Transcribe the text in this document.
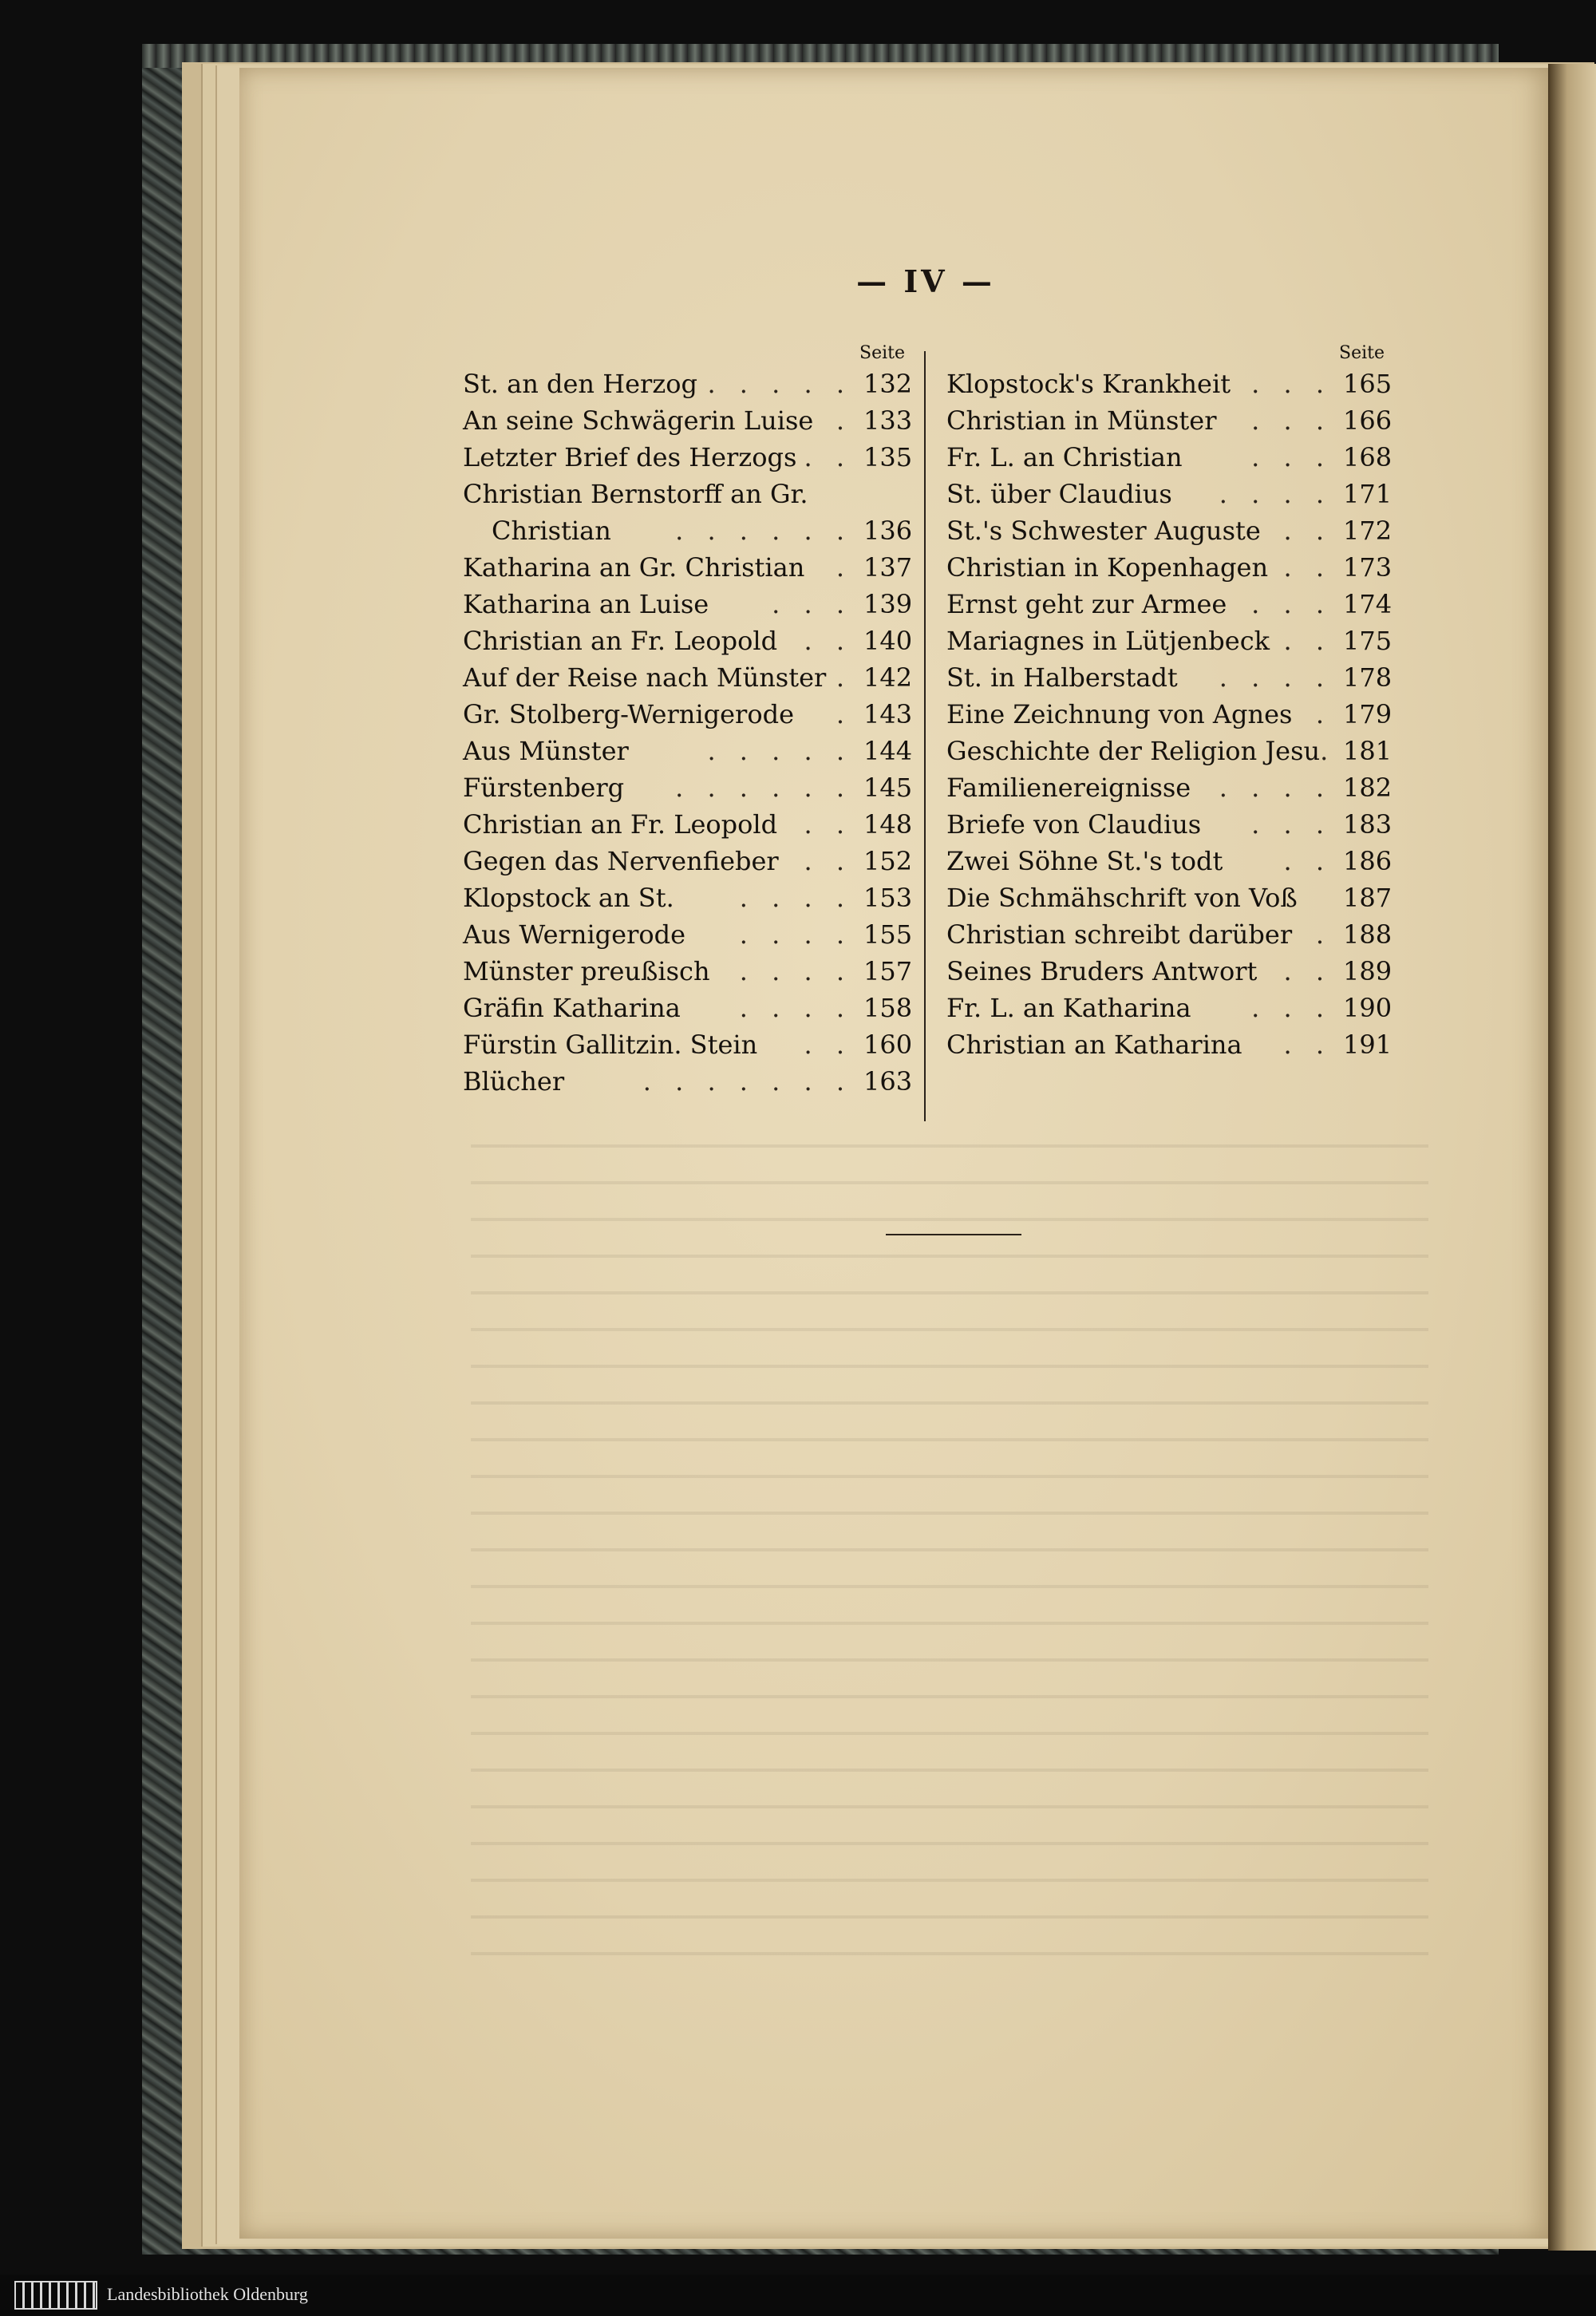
— IV —
Seite
St. an den Herzog . . . . . 132
An seine Schwägerin Luise . 133
Letzter Brief des Herzogs . . 135
Christian Bernstorff an Gr.
Christian	. . . . . . 136
Katharina an Gr. Christian	. 137
Katharina an Luise	. . . 139
Christian an Fr. Leopold	. . 140
Auf der Reise nach Münster . 142
Gr. Stolberg-Wernigerode	. 143
Aus Münster	. . . . . 144
Fürstenberg	. . . . . . 145
Christian an Fr. Leopold	. . 148
Gegen das Nervenfieber . . 152
Klopstock an St.	. . . . 153
Aus Wernigerode	. . . . 155
Münster preußisch	. . . . 157
Gräfin Katharina	. . . . 158
Fürstin Gallitzin. Stein	. . 160
Blücher	. . . . . . . 163
Seite
Klopstock's Krankheit . . . 165
Christian in Münster	. . . 166
Fr. L. an Christian	. . . 168
St. über Claudius	. . . . 171
St.'s Schwester Auguste . . 172
Christian in Kopenhagen . . 173
Ernst geht zur Armee . . . 174
Mariagnes in Lütjenbeck . . 175
St. in Halberstadt	. . . . 178
Eine Zeichnung von Agnes . 179
Geschichte der Religion Jesu . 181
Familienereignisse	. . . . 182
Briefe von Claudius	. . . 183
Zwei Söhne St.'s todt	. . 186
Die Schmähschrift von Voß 187
Christian schreibt darüber . 188
Seines Bruders Antwort	. . 189
Fr. L. an Katharina	. . . 190
Christian an Katharina	. . 191
Landesbibliothek Oldenburg
